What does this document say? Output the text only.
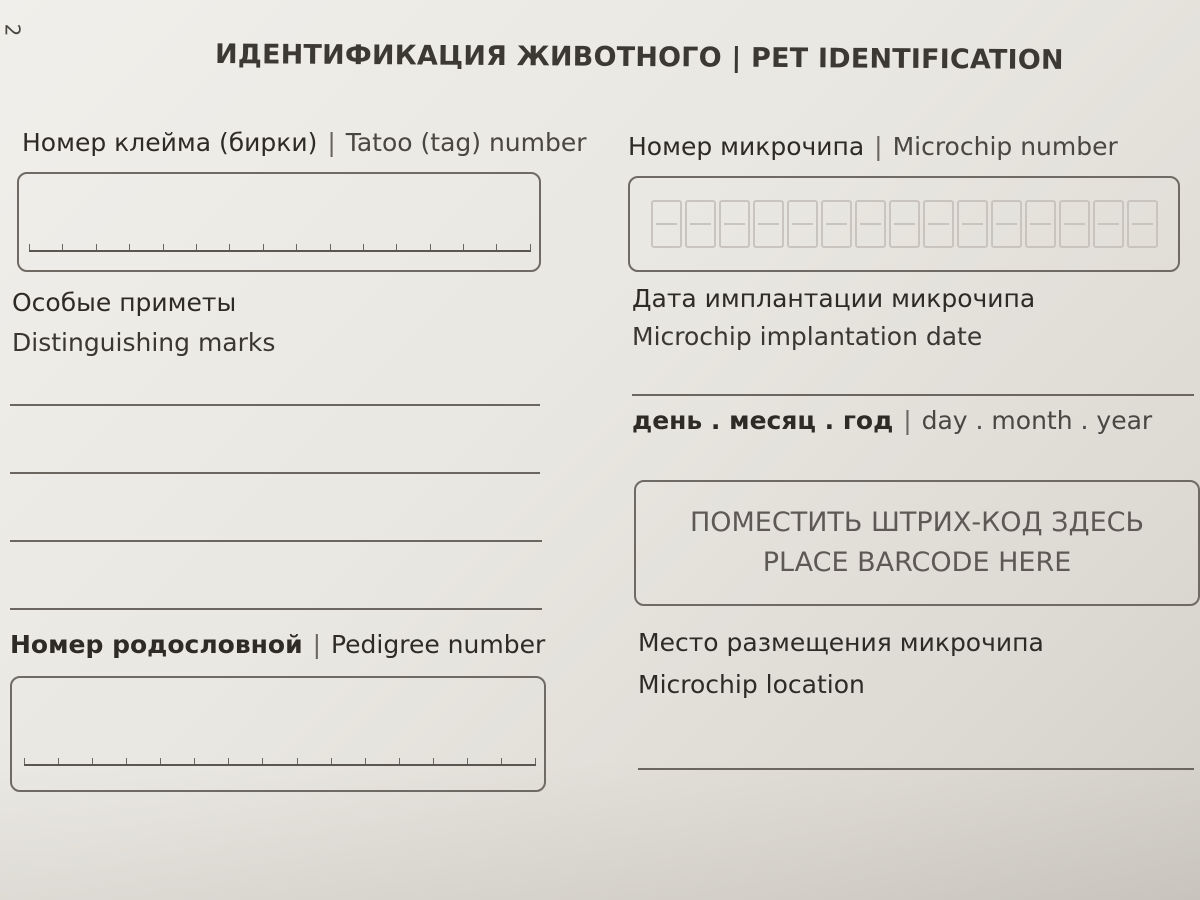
2
ИДЕНТИФИКАЦИЯ ЖИВОТНОГО | PET IDENTIFICATION
Номер клейма (бирки) | Tatoo (tag) number Номер микрочипа | Microchip number
Особые приметы
Distinguishing marks
Дата имплантации микрочипа
Microchip implantation date
день . месяц . год | day . month . year
ПОМЕСТИТЬ ШТРИХ-КОД ЗДЕСЬ
PLACE BARCODE HERE
Номер родословной | Pedigree number	Место размещения микрочипа
Microchip location
